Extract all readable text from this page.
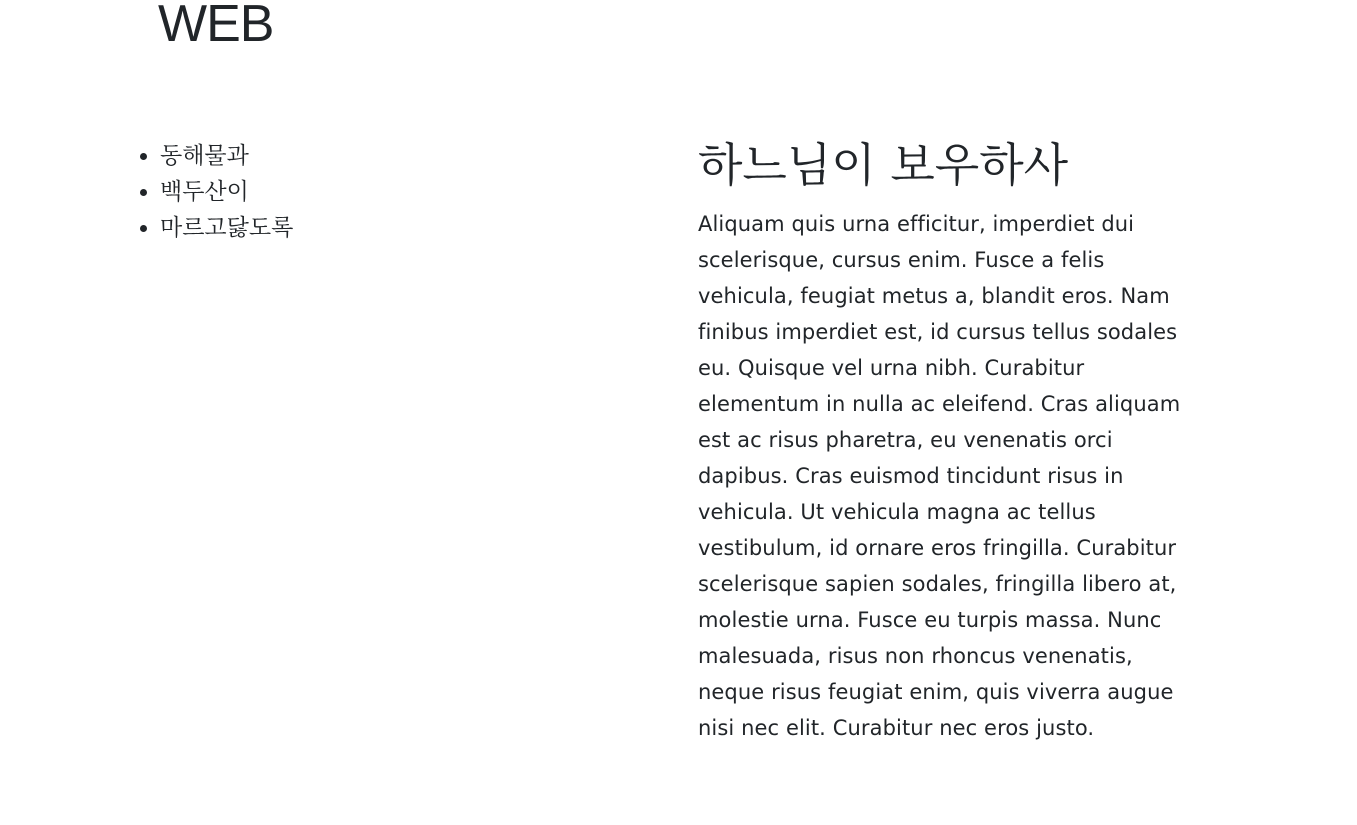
WEB
• 동해물과
• 백두산이
• 마르고닳도록
하느님이 보우하사

Aliquam quis urna efficitur, imperdiet dui
scelerisque, cursus enim. Fusce a felis
vehicula, feugiat metus a, blandit eros. Nam
finibus imperdiet est, id cursus tellus sodales
eu. Quisque vel urna nibh. Curabitur
elementum in nulla ac eleifend. Cras aliquam
est ac risus pharetra, eu venenatis orci
dapibus. Cras euismod tincidunt risus in
vehicula. Ut vehicula magna ac tellus
vestibulum, id ornare eros fringilla. Curabitur
scelerisque sapien sodales, fringilla libero at,
molestie urna. Fusce eu turpis massa. Nunc
malesuada, risus non rhoncus venenatis,
neque risus feugiat enim, quis viverra augue
nisi nec elit. Curabitur nec eros justo.
